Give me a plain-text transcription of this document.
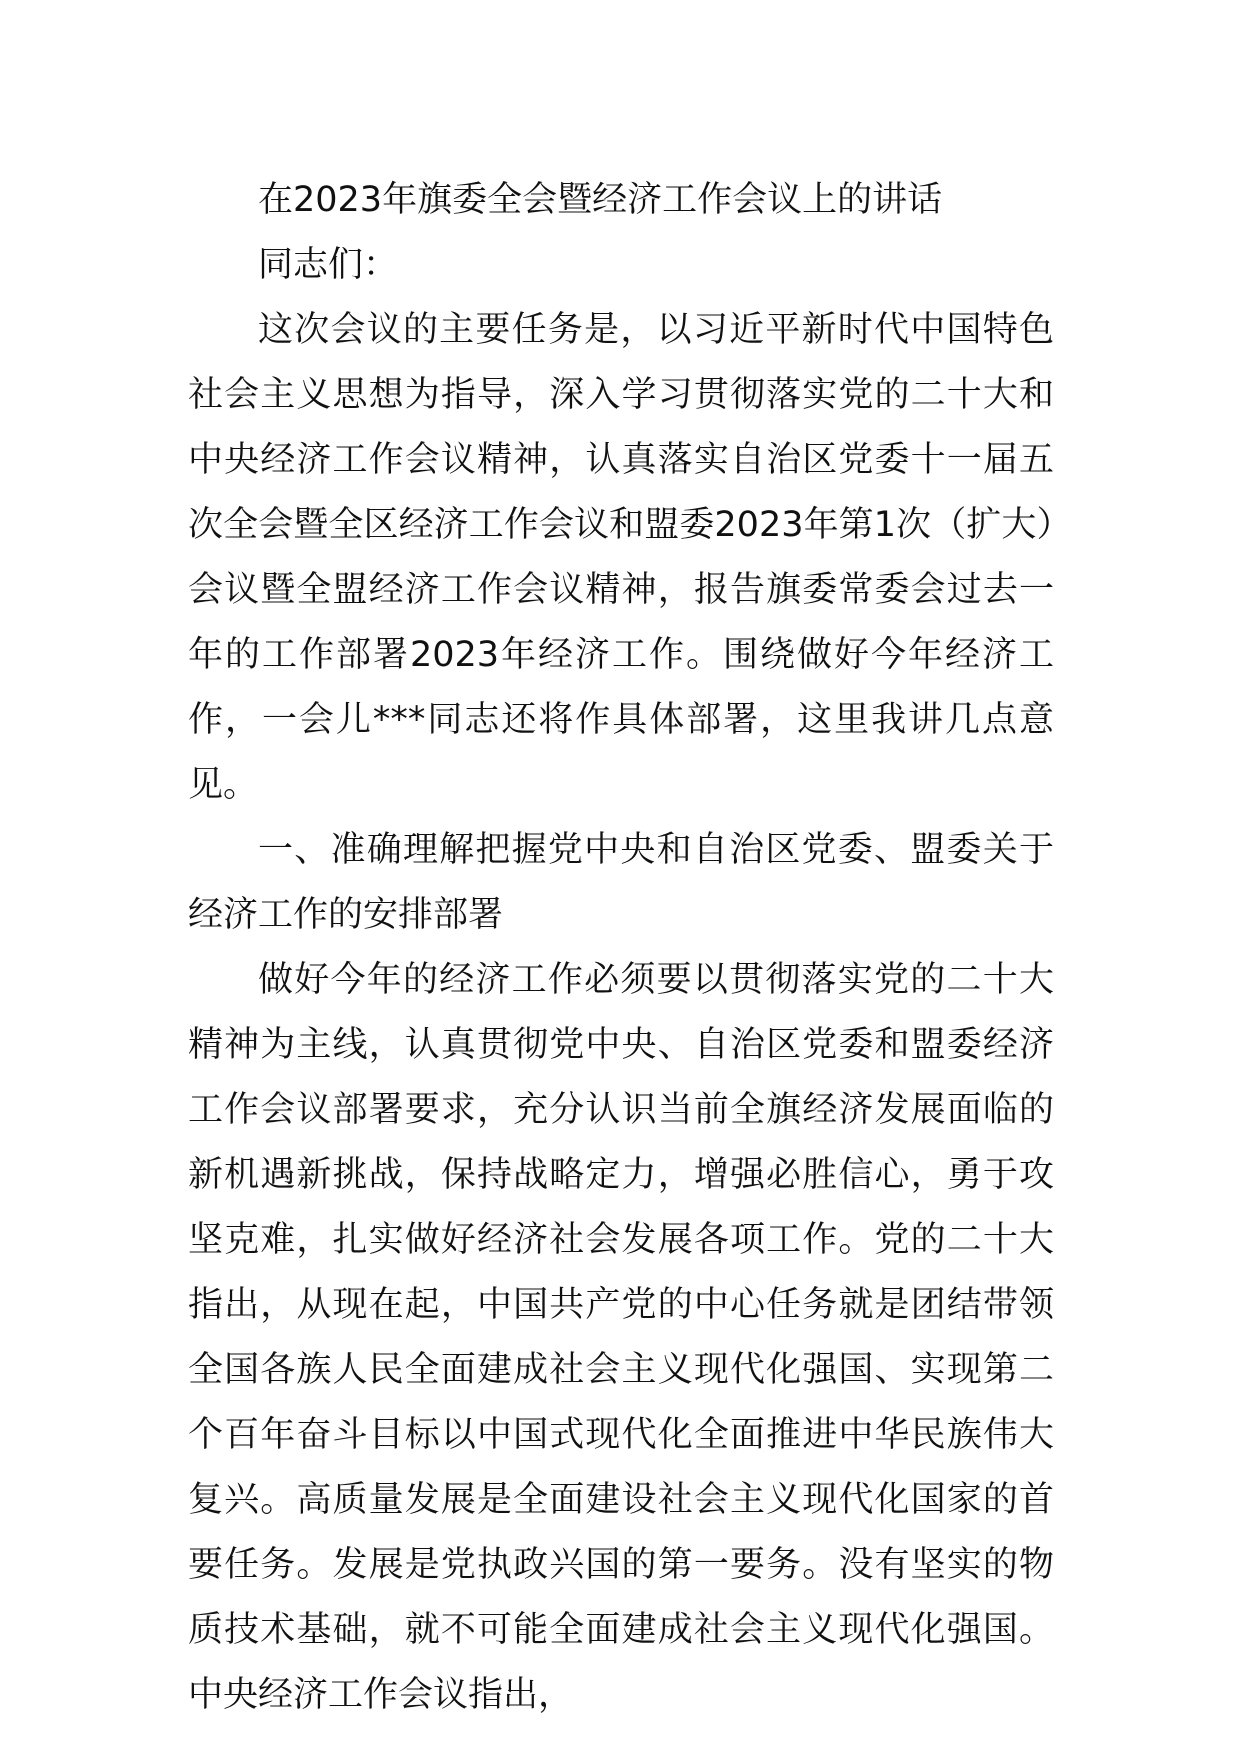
在2023年旗委全会暨经济工作会议上的讲话

同志们：

这次会议的主要任务是，以习近平新时代中国特色社会主义思想为指导，深入学习贯彻落实党的二十大和中央经济工作会议精神，认真落实自治区党委十一届五次全会暨全区经济工作会议和盟委2023年第1次（扩大）会议暨全盟经济工作会议精神，报告旗委常委会过去一年的工作部署2023年经济工作。围绕做好今年经济工作，一会儿***同志还将作具体部署，这里我讲几点意见。

一、准确理解把握党中央和自治区党委、盟委关于经济工作的安排部署

做好今年的经济工作必须要以贯彻落实党的二十大精神为主线，认真贯彻党中央、自治区党委和盟委经济工作会议部署要求，充分认识当前全旗经济发展面临的新机遇新挑战，保持战略定力，增强必胜信心，勇于攻坚克难，扎实做好经济社会发展各项工作。党的二十大指出，从现在起，中国共产党的中心任务就是团结带领全国各族人民全面建成社会主义现代化强国、实现第二个百年奋斗目标以中国式现代化全面推进中华民族伟大复兴。高质量发展是全面建设社会主义现代化国家的首要任务。发展是党执政兴国的第一要务。没有坚实的物质技术基础，就不可能全面建成社会主义现代化强国。中央经济工作会议指出，
